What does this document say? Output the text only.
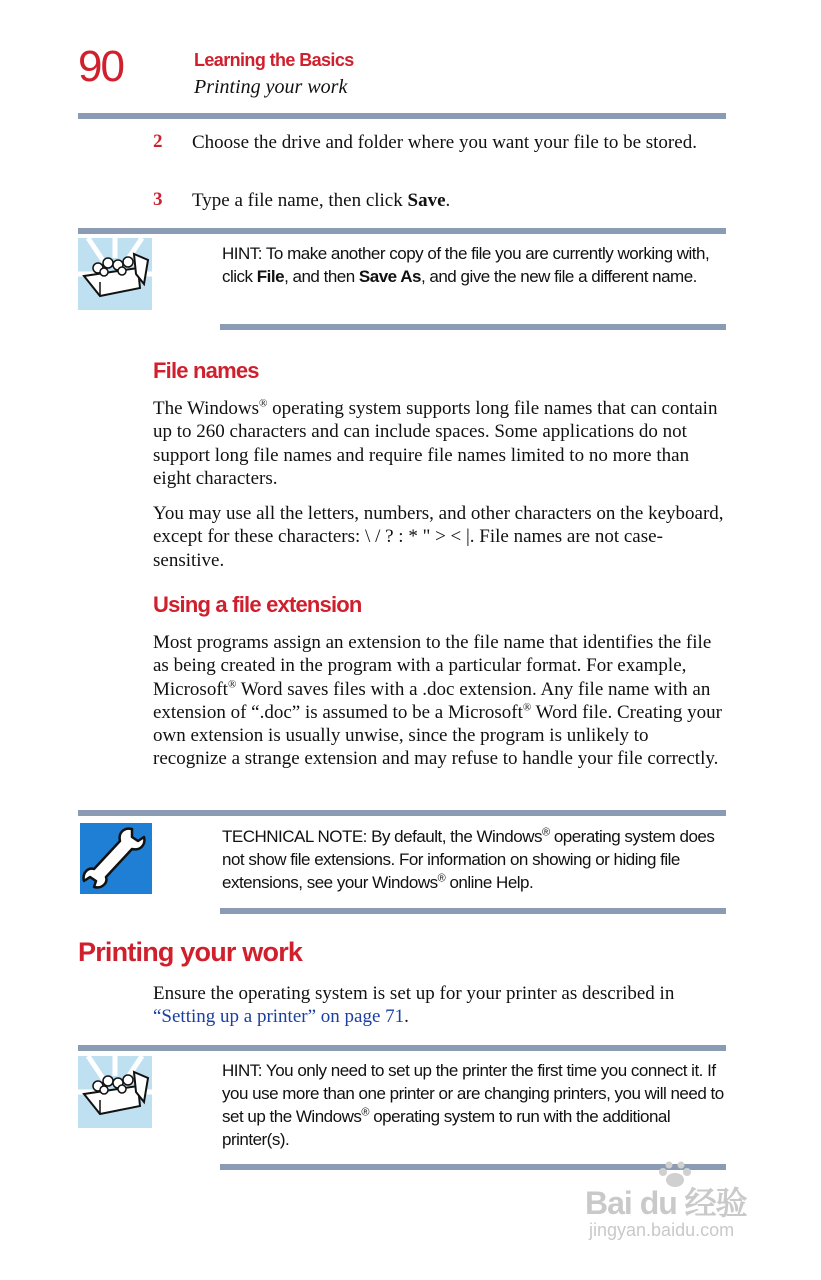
90	Learning the Basics
Printing your work
2 Choose the drive and folder where you want your file to be stored.
3 Type a file name, then click Save.
HINT: To make another copy of the file you are currently working with, click File, and then Save As, and give the new file a different name.
File names
The Windows® operating system supports long file names that can contain up to 260 characters and can include spaces. Some applications do not support long file names and require file names limited to no more than eight characters.
You may use all the letters, numbers, and other characters on the keyboard, except for these characters: \ / ? : * " > < |. File names are not case-sensitive.
Using a file extension
Most programs assign an extension to the file name that identifies the file as being created in the program with a particular format. For example, Microsoft® Word saves files with a .doc extension. Any file name with an extension of “.doc” is assumed to be a Microsoft® Word file. Creating your own extension is usually unwise, since the program is unlikely to recognize a strange extension and may refuse to handle your file correctly.
TECHNICAL NOTE: By default, the Windows® operating system does not show file extensions. For information on showing or hiding file extensions, see your Windows® online Help.
Printing your work
Ensure the operating system is set up for your printer as described in “Setting up a printer” on page 71.
HINT: You only need to set up the printer the first time you connect it. If you use more than one printer or are changing printers, you will need to set up the Windows® operating system to run with the additional printer(s).
Bai du 经验
jingyan.baidu.com
